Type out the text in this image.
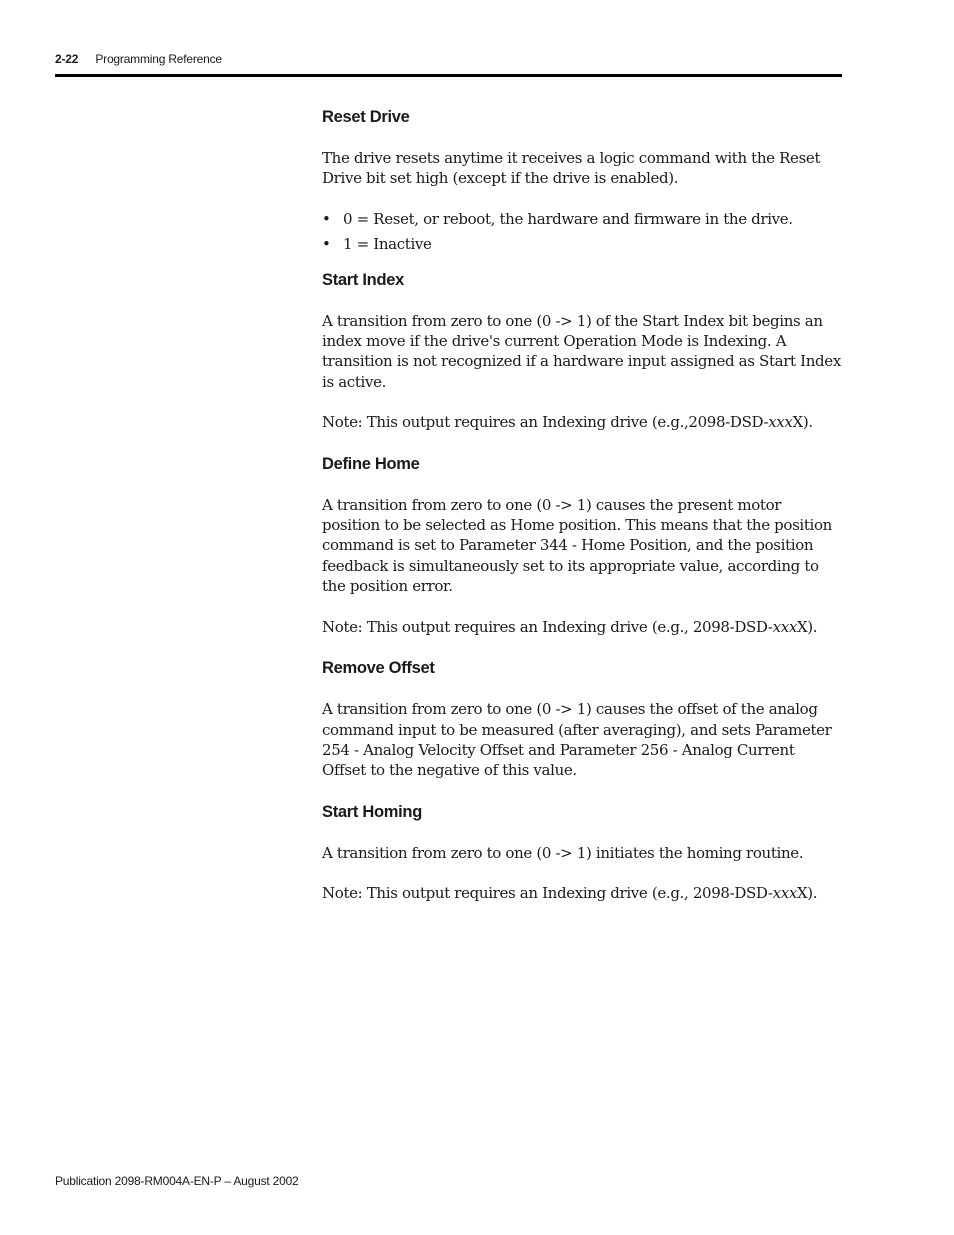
2-22 Programming Reference
Reset Drive

The drive resets anytime it receives a logic command with the Reset Drive bit set high (except if the drive is enabled).

• 0 = Reset, or reboot, the hardware and firmware in the drive.
• 1 = Inactive
Start Index

A transition from zero to one (0 -> 1) of the Start Index bit begins an index move if the drive's current Operation Mode is Indexing. A transition is not recognized if a hardware input assigned as Start Index is active.

Note: This output requires an Indexing drive (e.g.,2098-DSD-xxxX).

Define Home

A transition from zero to one (0 -> 1) causes the present motor position to be selected as Home position. This means that the position command is set to Parameter 344 - Home Position, and the position feedback is simultaneously set to its appropriate value, according to the position error.

Note: This output requires an Indexing drive (e.g., 2098-DSD-xxxX).

Remove Offset

A transition from zero to one (0 -> 1) causes the offset of the analog command input to be measured (after averaging), and sets Parameter 254 - Analog Velocity Offset and Parameter 256 - Analog Current Offset to the negative of this value.

Start Homing

A transition from zero to one (0 -> 1) initiates the homing routine.

Note: This output requires an Indexing drive (e.g., 2098-DSD-xxxX).

Publication 2098-RM004A-EN-P – August 2002
